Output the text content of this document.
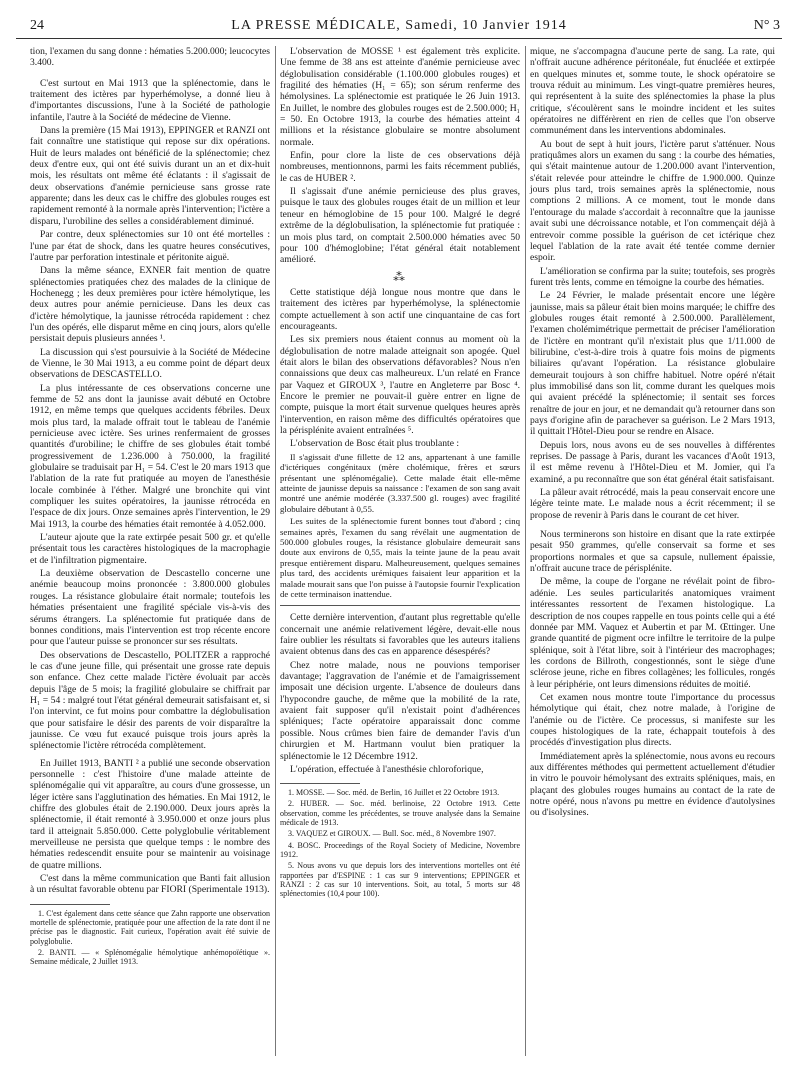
24	LA PRESSE MÉDICALE, Samedi, 10 Janvier 1914	N° 3

tion, l'examen du sang donne : hématies 5.200.000; leucocytes 3.400.

C'est surtout en Mai 1913 que la splénectomie, dans le traitement des ictères par hyperhémolyse, a donné lieu à d'importantes discussions, l'une à la Société de pathologie infantile, l'autre à la Société de médecine de Vienne.

Dans la première (15 Mai 1913), EPPINGER et RANZI ont fait connaître une statistique qui repose sur dix opérations. Huit de leurs malades ont bénéficié de la splénectomie; chez deux d'entre eux, qui ont été suivis durant un an et dix-huit mois, les résultats ont même été éclatants : il s'agissait de deux observations d'anémie pernicieuse sans grosse rate apparente; dans les deux cas le chiffre des globules rouges est rapidement remonté à la normale après l'intervention; l'ictère a disparu, l'urobiline des selles a considérablement diminué.

Par contre, deux splénectomies sur 10 ont été mortelles : l'une par état de shock, dans les quatre heures consécutives, l'autre par perforation intestinale et péritonite aiguë.

Dans la même séance, EXNER fait mention de quatre splénectomies pratiquées chez des malades de la clinique de Hochenegg ; les deux premières pour ictère hémolytique, les deux autres pour anémie pernicieuse. Dans les deux cas d'ictère hémolytique, la jaunisse rétrocéda rapidement : chez l'un des opérés, elle disparut même en cinq jours, alors qu'elle persistait depuis plusieurs années ¹.

La discussion qui s'est poursuivie à la Société de Médecine de Vienne, le 30 Mai 1913, a eu comme point de départ deux observations de DESCASTELLO.

La plus intéressante de ces observations concerne une femme de 52 ans dont la jaunisse avait débuté en Octobre 1912, en même temps que quelques accidents fébriles. Deux mois plus tard, la malade offrait tout le tableau de l'anémie pernicieuse avec ictère. Ses urines renfermaient de grosses quantités d'urobiline; le chiffre de ses globules était tombé progressivement de 1.236.000 à 750.000, la fragilité globulaire se traduisait par H₁ = 54. C'est le 20 mars 1913 que l'ablation de la rate fut pratiquée au moyen de l'anesthésie locale combinée à l'éther. Malgré une bronchite qui vint compliquer les suites opératoires, la jaunisse rétrocéda en l'espace de dix jours. Onze semaines après l'intervention, le 29 Mai 1913, la courbe des hématies était remontée à 4.052.000.

L'auteur ajoute que la rate extirpée pesait 500 gr. et qu'elle présentait tous les caractères histologiques de la macrophagie et de l'infiltration pigmentaire.

La deuxième observation de Descastello concerne une anémie beaucoup moins prononcée : 3.800.000 globules rouges. La résistance globulaire était normale; toutefois les hématies présentaient une fragilité spéciale vis-à-vis des sérums étrangers. La splénectomie fut pratiquée dans de bonnes conditions, mais l'intervention est trop récente encore pour que l'auteur puisse se prononcer sur ses résultats.

Des observations de Descastello, POLITZER a rapproché le cas d'une jeune fille, qui présentait une grosse rate depuis son enfance. Chez cette malade l'ictère évoluait par accès depuis l'âge de 5 mois; la fragilité globulaire se chiffrait par H₁ = 54 : malgré tout l'état général demeurait satisfaisant et, si l'on intervint, ce fut moins pour combattre la déglobulisation que pour satisfaire le désir des parents de voir disparaître la jaunisse. Ce vœu fut exaucé puisque trois jours après la splénectomie l'ictère rétrocéda complètement.

En Juillet 1913, BANTI ² a publié une seconde observation personnelle : c'est l'histoire d'une malade atteinte de splénomégalie qui vit apparaître, au cours d'une grossesse, un léger ictère sans l'agglutination des hématies. En Mai 1912, le chiffre des globules était de 2.190.000. Deux jours après la splénectomie, il était remonté à 3.950.000 et onze jours plus tard il atteignait 5.850.000. Cette polyglobulie véritablement merveilleuse ne persista que quelque temps : le nombre des hématies redescendit ensuite pour se maintenir au voisinage de quatre millions.

C'est dans la même communication que Banti fait allusion à un résultat favorable obtenu par FIORI (Sperimentale 1913).

1. C'est également dans cette séance que Zahn rapporte une observation mortelle de splénectomie, pratiquée pour une affection de la rate dont il ne précise pas le diagnostic. Fait curieux, l'opération avait été suivie de polyglobulie.

2. BANTI. — « Splénomégalie hémolytique anhémopoïétique ». Semaine médicale, 2 Juillet 1913.

L'observation de MOSSE ¹ est également très explicite. Une femme de 38 ans est atteinte d'anémie pernicieuse avec déglobulisation considérable (1.100.000 globules rouges) et fragilité des hématies (H₁ = 65); son sérum renferme des hémolysines. La splénectomie est pratiquée le 26 Juin 1913. En Juillet, le nombre des globules rouges est de 2.500.000; H₁ = 50. En Octobre 1913, la courbe des hématies atteint 4 millions et la résistance globulaire se montre absolument normale.

Enfin, pour clore la liste de ces observations déjà nombreuses, mentionnons, parmi les faits récemment publiés, le cas de HUBER ².

Il s'agissait d'une anémie pernicieuse des plus graves, puisque le taux des globules rouges était de un million et leur teneur en hémoglobine de 15 pour 100. Malgré le degré extrême de la déglobulisation, la splénectomie fut pratiquée : un mois plus tard, on comptait 2.500.000 hématies avec 50 pour 100 d'hémoglobine; l'état général était notablement amélioré.

⁂

Cette statistique déjà longue nous montre que dans le traitement des ictères par hyperhémolyse, la splénectomie compte actuellement à son actif une cinquantaine de cas fort encourageants.

Les six premiers nous étaient connus au moment où la déglobulisation de notre malade atteignait son apogée. Quel était alors le bilan des observations défavorables? Nous n'en connaissions que deux cas malheureux. L'un relaté en France par Vaquez et GIROUX ³, l'autre en Angleterre par Bosc ⁴. Encore le premier ne pouvait-il guère entrer en ligne de compte, puisque la mort était survenue quelques heures après l'intervention, en raison même des difficultés opératoires que la périsplénite avaient entraînées ⁵.

L'observation de Bosc était plus troublante :

Il s'agissait d'une fillette de 12 ans, appartenant à une famille d'ictériques congénitaux (mère cholémique, frères et sœurs présentant une splénomégalie). Cette malade était elle-même atteinte de jaunisse depuis sa naissance : l'examen de son sang avait montré une anémie modérée (3.337.500 gl. rouges) avec fragilité globulaire débutant à 0,55.

Les suites de la splénectomie furent bonnes tout d'abord ; cinq semaines après, l'examen du sang révélait une augmentation de 500.000 globules rouges, la résistance globulaire demeurait sans doute aux environs de 0,55, mais la teinte jaune de la peau avait presque entièrement disparu. Malheureusement, quelques semaines plus tard, des accidents urémiques faisaient leur apparition et la malade mourait sans que l'on puisse à l'autopsie fournir l'explication de cette terminaison inattendue.

Cette dernière intervention, d'autant plus regrettable qu'elle concernait une anémie relativement légère, devait-elle nous faire oublier les résultats si favorables que les auteurs italiens avaient obtenus dans des cas en apparence désespérés?

Chez notre malade, nous ne pouvions temporiser davantage; l'aggravation de l'anémie et de l'amaigrissement imposait une décision urgente. L'absence de douleurs dans l'hypocondre gauche, de même que la mobilité de la rate, avaient fait supposer qu'il n'existait point d'adhérences spléniques; l'acte opératoire apparaissait donc comme possible. Nous crûmes bien faire de demander l'avis d'un chirurgien et M. Hartmann voulut bien pratiquer la splénectomie le 12 Décembre 1912.

L'opération, effectuée à l'anesthésie chloroforique,

1. MOSSE. — Soc. méd. de Berlin, 16 Juillet et 22 Octobre 1913.

2. HUBER. — Soc. méd. berlinoise, 22 Octobre 1913. Cette observation, comme les précédentes, se trouve analysée dans la Semaine médicale de 1913.

3. VAQUEZ et GIROUX. — Bull. Soc. méd., 8 Novembre 1907.

4. BOSC. Proceedings of the Royal Society of Medicine, Novembre 1912.

5. Nous avons vu que depuis lors des interventions mortelles ont été rapportées par d'ESPINE : 1 cas sur 9 interventions; EPPINGER et RANZI : 2 cas sur 10 interventions. Soit, au total, 5 morts sur 48 splénectomies (10,4 pour 100).

mique, ne s'accompagna d'aucune perte de sang. La rate, qui n'offrait aucune adhérence péritonéale, fut énucléée et extirpée en quelques minutes et, somme toute, le shock opératoire se trouva réduit au minimum. Les vingt-quatre premières heures, qui représentent à la suite des splénectomies la phase la plus critique, s'écoulèrent sans le moindre incident et les suites opératoires ne différèrent en rien de celles que l'on observe communément dans les interventions abdominales.

Au bout de sept à huit jours, l'ictère parut s'atténuer. Nous pratiquâmes alors un examen du sang : la courbe des hématies, qui s'était maintenue autour de 1.200.000 avant l'intervention, s'était relevée pour atteindre le chiffre de 1.900.000. Quinze jours plus tard, trois semaines après la splénectomie, nous comptions 2 millions. A ce moment, tout le monde dans l'entourage du malade s'accordait à reconnaître que la jaunisse avait subi une décroissance notable, et l'on commençait déjà à entrevoir comme possible la guérison de cet ictérique chez lequel l'ablation de la rate avait été tentée comme dernier espoir.

L'amélioration se confirma par la suite; toutefois, ses progrès furent très lents, comme en témoigne la courbe des hématies.

Le 24 Février, le malade présentait encore une légère jaunisse, mais sa pâleur était bien moins marquée; le chiffre des globules rouges était remonté à 2.500.000. Parallèlement, l'examen cholémimétrique permettait de préciser l'amélioration de l'ictère en montrant qu'il n'existait plus que 1/11.000 de bilirubine, c'est-à-dire trois à quatre fois moins de pigments biliaires qu'avant l'opération. La résistance globulaire demeurait toujours à son chiffre habituel. Notre opéré n'était plus immobilisé dans son lit, comme durant les quelques mois qui avaient précédé la splénectomie; il sentait ses forces renaître de jour en jour, et ne demandait qu'à retourner dans son pays d'origine afin de parachever sa guérison. Le 2 Mars 1913, il quittait l'Hôtel-Dieu pour se rendre en Alsace.

Depuis lors, nous avons eu de ses nouvelles à différentes reprises. De passage à Paris, durant les vacances d'Août 1913, il est même revenu à l'Hôtel-Dieu et M. Jomier, qui l'a examiné, a pu reconnaître que son état général était satisfaisant.

La pâleur avait rétrocédé, mais la peau conservait encore une légère teinte mate. Le malade nous a écrit récemment; il se propose de revenir à Paris dans le courant de cet hiver.

Nous terminerons son histoire en disant que la rate extirpée pesait 950 grammes, qu'elle conservait sa forme et ses proportions normales et que sa capsule, nullement épaissie, n'offrait aucune trace de périsplénite.

De même, la coupe de l'organe ne révélait point de fibro-adénie. Les seules particularités anatomiques vraiment intéressantes ressortent de l'examen histologique. La description de nos coupes rappelle en tous points celle qui a été donnée par MM. Vaquez et Aubertin et par M. Œttinger. Une grande quantité de pigment ocre infiltre le territoire de la pulpe splénique, soit à l'état libre, soit à l'intérieur des macrophages; les cordons de Billroth, congestionnés, sont le siège d'une sclérose jeune, riche en fibres collagènes; les follicules, rongés à leur périphérie, ont leurs dimensions réduites de moitié.

Cet examen nous montre toute l'importance du processus hémolytique qui était, chez notre malade, à l'origine de l'anémie ou de l'ictère. Ce processus, si manifeste sur les coupes histologiques de la rate, échappait toutefois à des procédés d'investigation plus directs.

Immédiatement après la splénectomie, nous avons eu recours aux différentes méthodes qui permettent actuellement d'étudier in vitro le pouvoir hémolysant des extraits spléniques, mais, en plaçant des globules rouges humains au contact de la rate de notre opéré, nous n'avons pu mettre en évidence d'autolysines ou d'isolysines.
